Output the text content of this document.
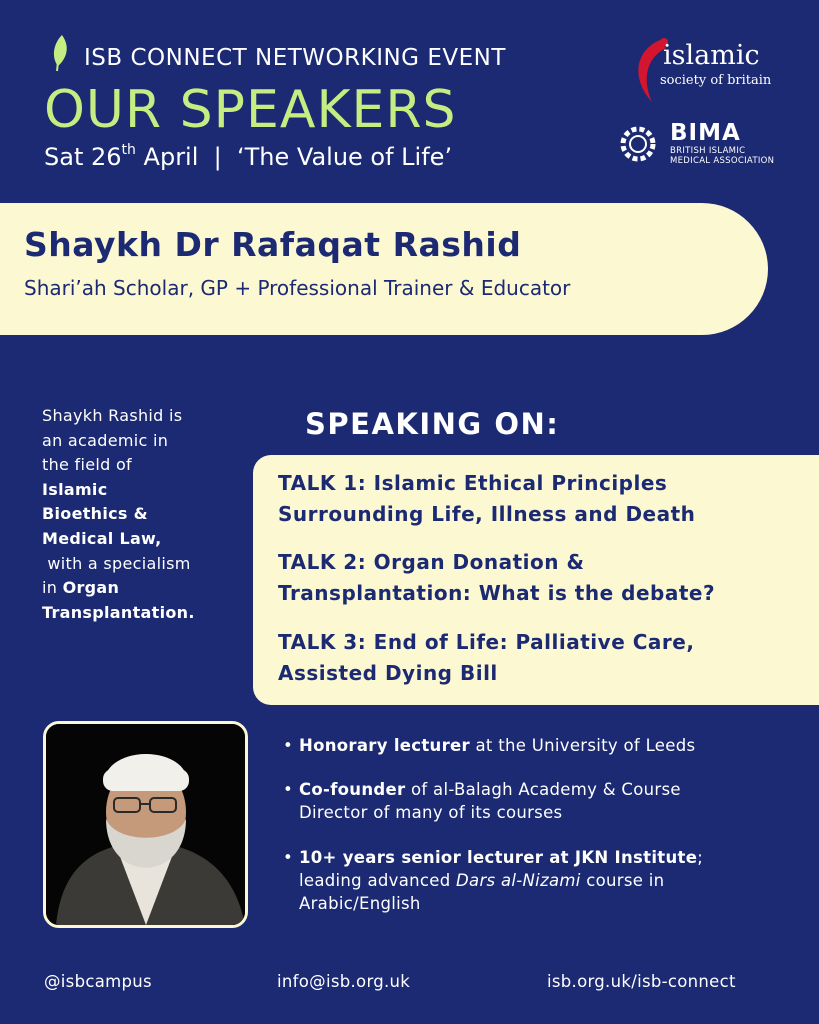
ISB CONNECT NETWORKING EVENT
OUR SPEAKERS
Sat 26th April  |  ‘The Value of Life’
islamic
society of britain
BIMA
BRITISH ISLAMIC
MEDICAL ASSOCIATION
Shaykh Dr Rafaqat Rashid
Shari’ah Scholar, GP + Professional Trainer & Educator
Shaykh Rashid is
an academic in
the field of
Islamic
Bioethics &
Medical Law, with a specialism
in Organ
Transplantation.
SPEAKING ON:
TALK 1: Islamic Ethical Principles
Surrounding Life, Illness and Death
TALK 2: Organ Donation &
Transplantation: What is the debate?
TALK 3: End of Life: Palliative Care,
Assisted Dying Bill
• Honorary lecturer at the University of Leeds
• Co-founder of al-Balagh Academy & Course
Director of many of its courses
• 10+ years senior lecturer at JKN Institute;
leading advanced Dars al-Nizami course in
Arabic/English
@isbcampus	info@isb.org.uk	isb.org.uk/isb-connect
